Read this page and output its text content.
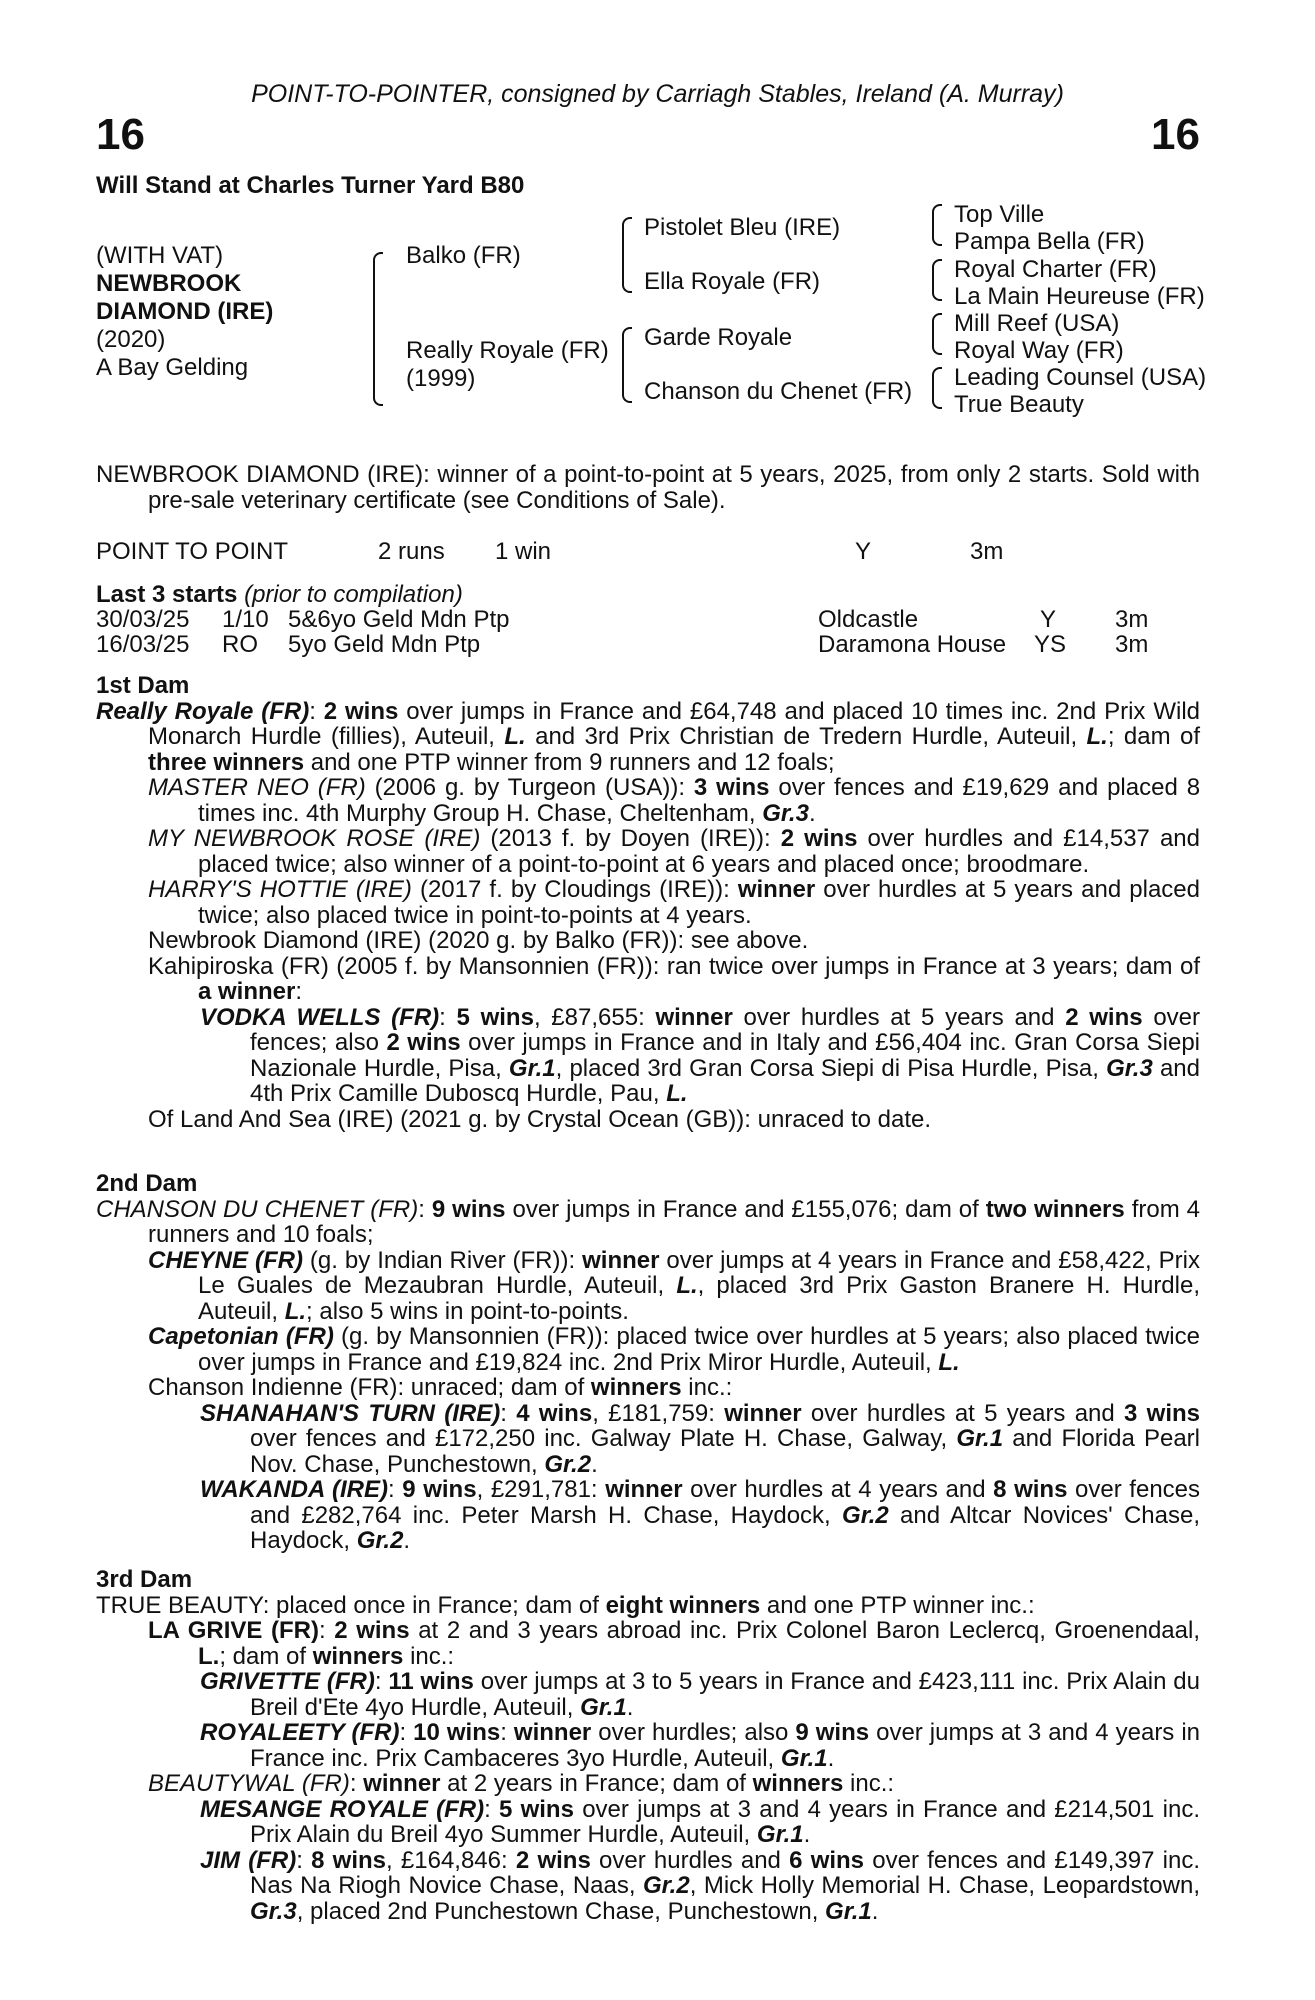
POINT-TO-POINTER, consigned by Carriagh Stables, Ireland (A. Murray)
16	16
Will Stand at Charles Turner Yard B80
(WITH VAT)
NEWBROOK
DIAMOND (IRE)
(2020)
A Bay Gelding
Balko (FR)
Really Royale (FR)
(1999)
Pistolet Bleu (IRE)
Ella Royale (FR)
Garde Royale
Chanson du Chenet (FR)
Top Ville
Pampa Bella (FR)
Royal Charter (FR)
La Main Heureuse (FR)
Mill Reef (USA)
Royal Way (FR)
Leading Counsel (USA)
True Beauty

NEWBROOK DIAMOND (IRE): winner of a point-to-point at 5 years, 2025, from only 2 starts. Sold with pre-sale veterinary certificate (see Conditions of Sale).

POINT TO POINT	2 runs 1 win	Y	3m
Last 3 starts (prior to compilation)
30/03/25 1/10 5&6yo Geld Mdn Ptp	Oldcastle	Y 3m
16/03/25 RO 5yo Geld Mdn Ptp	Daramona House YS 3m
1st Dam

Really Royale (FR): 2 wins over jumps in France and £64,748 and placed 10 times inc. 2nd Prix Wild Monarch Hurdle (fillies), Auteuil, L. and 3rd Prix Christian de Tredern Hurdle, Auteuil, L.; dam of three winners and one PTP winner from 9 runners and 12 foals;

MASTER NEO (FR) (2006 g. by Turgeon (USA)): 3 wins over fences and £19,629 and placed 8 times inc. 4th Murphy Group H. Chase, Cheltenham, Gr.3.

MY NEWBROOK ROSE (IRE) (2013 f. by Doyen (IRE)): 2 wins over hurdles and £14,537 and placed twice; also winner of a point-to-point at 6 years and placed once; broodmare.

HARRY'S HOTTIE (IRE) (2017 f. by Cloudings (IRE)): winner over hurdles at 5 years and placed twice; also placed twice in point-to-points at 4 years.

Newbrook Diamond (IRE) (2020 g. by Balko (FR)): see above.

Kahipiroska (FR) (2005 f. by Mansonnien (FR)): ran twice over jumps in France at 3 years; dam of a winner:

VODKA WELLS (FR): 5 wins, £87,655: winner over hurdles at 5 years and 2 wins over fences; also 2 wins over jumps in France and in Italy and £56,404 inc. Gran Corsa Siepi Nazionale Hurdle, Pisa, Gr.1, placed 3rd Gran Corsa Siepi di Pisa Hurdle, Pisa, Gr.3 and 4th Prix Camille Duboscq Hurdle, Pau, L.

Of Land And Sea (IRE) (2021 g. by Crystal Ocean (GB)): unraced to date.

2nd Dam

CHANSON DU CHENET (FR): 9 wins over jumps in France and £155,076; dam of two winners from 4 runners and 10 foals;

CHEYNE (FR) (g. by Indian River (FR)): winner over jumps at 4 years in France and £58,422, Prix Le Guales de Mezaubran Hurdle, Auteuil, L., placed 3rd Prix Gaston Branere H. Hurdle, Auteuil, L.; also 5 wins in point-to-points.

Capetonian (FR) (g. by Mansonnien (FR)): placed twice over hurdles at 5 years; also placed twice over jumps in France and £19,824 inc. 2nd Prix Miror Hurdle, Auteuil, L.

Chanson Indienne (FR): unraced; dam of winners inc.:

SHANAHAN'S TURN (IRE): 4 wins, £181,759: winner over hurdles at 5 years and 3 wins over fences and £172,250 inc. Galway Plate H. Chase, Galway, Gr.1 and Florida Pearl Nov. Chase, Punchestown, Gr.2.

WAKANDA (IRE): 9 wins, £291,781: winner over hurdles at 4 years and 8 wins over fences and £282,764 inc. Peter Marsh H. Chase, Haydock, Gr.2 and Altcar Novices' Chase, Haydock, Gr.2.

3rd Dam

TRUE BEAUTY: placed once in France; dam of eight winners and one PTP winner inc.:

LA GRIVE (FR): 2 wins at 2 and 3 years abroad inc. Prix Colonel Baron Leclercq, Groenendaal, L.; dam of winners inc.:

GRIVETTE (FR): 11 wins over jumps at 3 to 5 years in France and £423,111 inc. Prix Alain du Breil d'Ete 4yo Hurdle, Auteuil, Gr.1.

ROYALEETY (FR): 10 wins: winner over hurdles; also 9 wins over jumps at 3 and 4 years in France inc. Prix Cambaceres 3yo Hurdle, Auteuil, Gr.1.

BEAUTYWAL (FR): winner at 2 years in France; dam of winners inc.:

MESANGE ROYALE (FR): 5 wins over jumps at 3 and 4 years in France and £214,501 inc. Prix Alain du Breil 4yo Summer Hurdle, Auteuil, Gr.1.

JIM (FR): 8 wins, £164,846: 2 wins over hurdles and 6 wins over fences and £149,397 inc. Nas Na Riogh Novice Chase, Naas, Gr.2, Mick Holly Memorial H. Chase, Leopardstown, Gr.3, placed 2nd Punchestown Chase, Punchestown, Gr.1.
